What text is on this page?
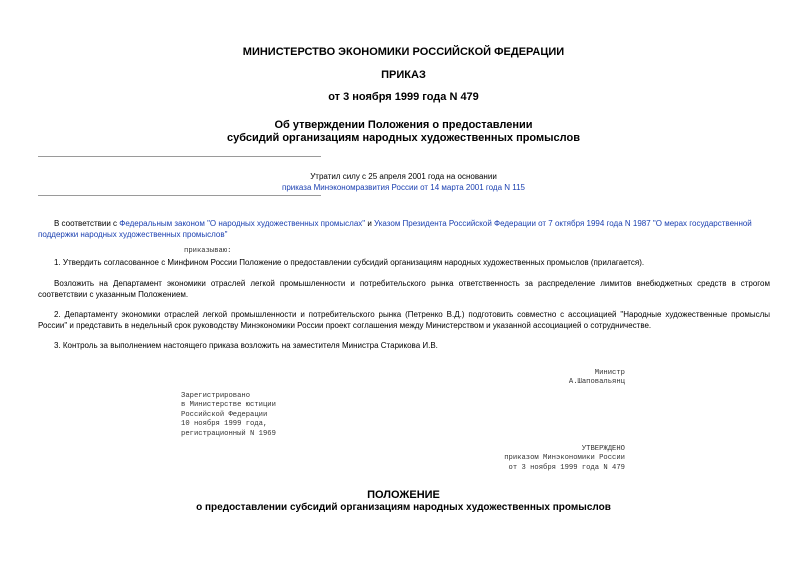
МИНИСТЕРСТВО ЭКОНОМИКИ РОССИЙСКОЙ ФЕДЕРАЦИИ
ПРИКАЗ
от 3 ноября 1999 года N 479
Об утверждении Положения о предоставлении
субсидий организациям народных художественных промыслов
Утратил силу с 25 апреля 2001 года на основании
приказа Минэкономразвития России от 14 марта 2001 года N 115
В соответствии с Федеральным законом "О народных художественных промыслах" и Указом Президента Российской Федерации от 7 октября 1994 года N 1987 "О мерах государственной поддержки народных художественных промыслов"
приказываю:
1. Утвердить согласованное с Минфином России Положение о предоставлении субсидий организациям народных художественных промыслов (прилагается).
Возложить на Департамент экономики отраслей легкой промышленности и потребительского рынка ответственность за распределение лимитов внебюджетных средств в строгом соответствии с указанным Положением.
2. Департаменту экономики отраслей легкой промышленности и потребительского рынка (Петренко В.Д.) подготовить совместно с ассоциацией "Народные художественные промыслы России" и представить в недельный срок руководству Минэкономики России проект соглашения между Министерством и указанной ассоциацией о сотрудничестве.
3. Контроль за выполнением настоящего приказа возложить на заместителя Министра Старикова И.В.
Министр
А.Шаповальянц
Зарегистрировано
в Министерстве юстиции
Российской Федерации
10 ноября 1999 года,
регистрационный N 1969
УТВЕРЖДЕНО
приказом Минэкономики России
от 3 ноября 1999 года N 479
ПОЛОЖЕНИЕ
о предоставлении субсидий организациям народных художественных промыслов
